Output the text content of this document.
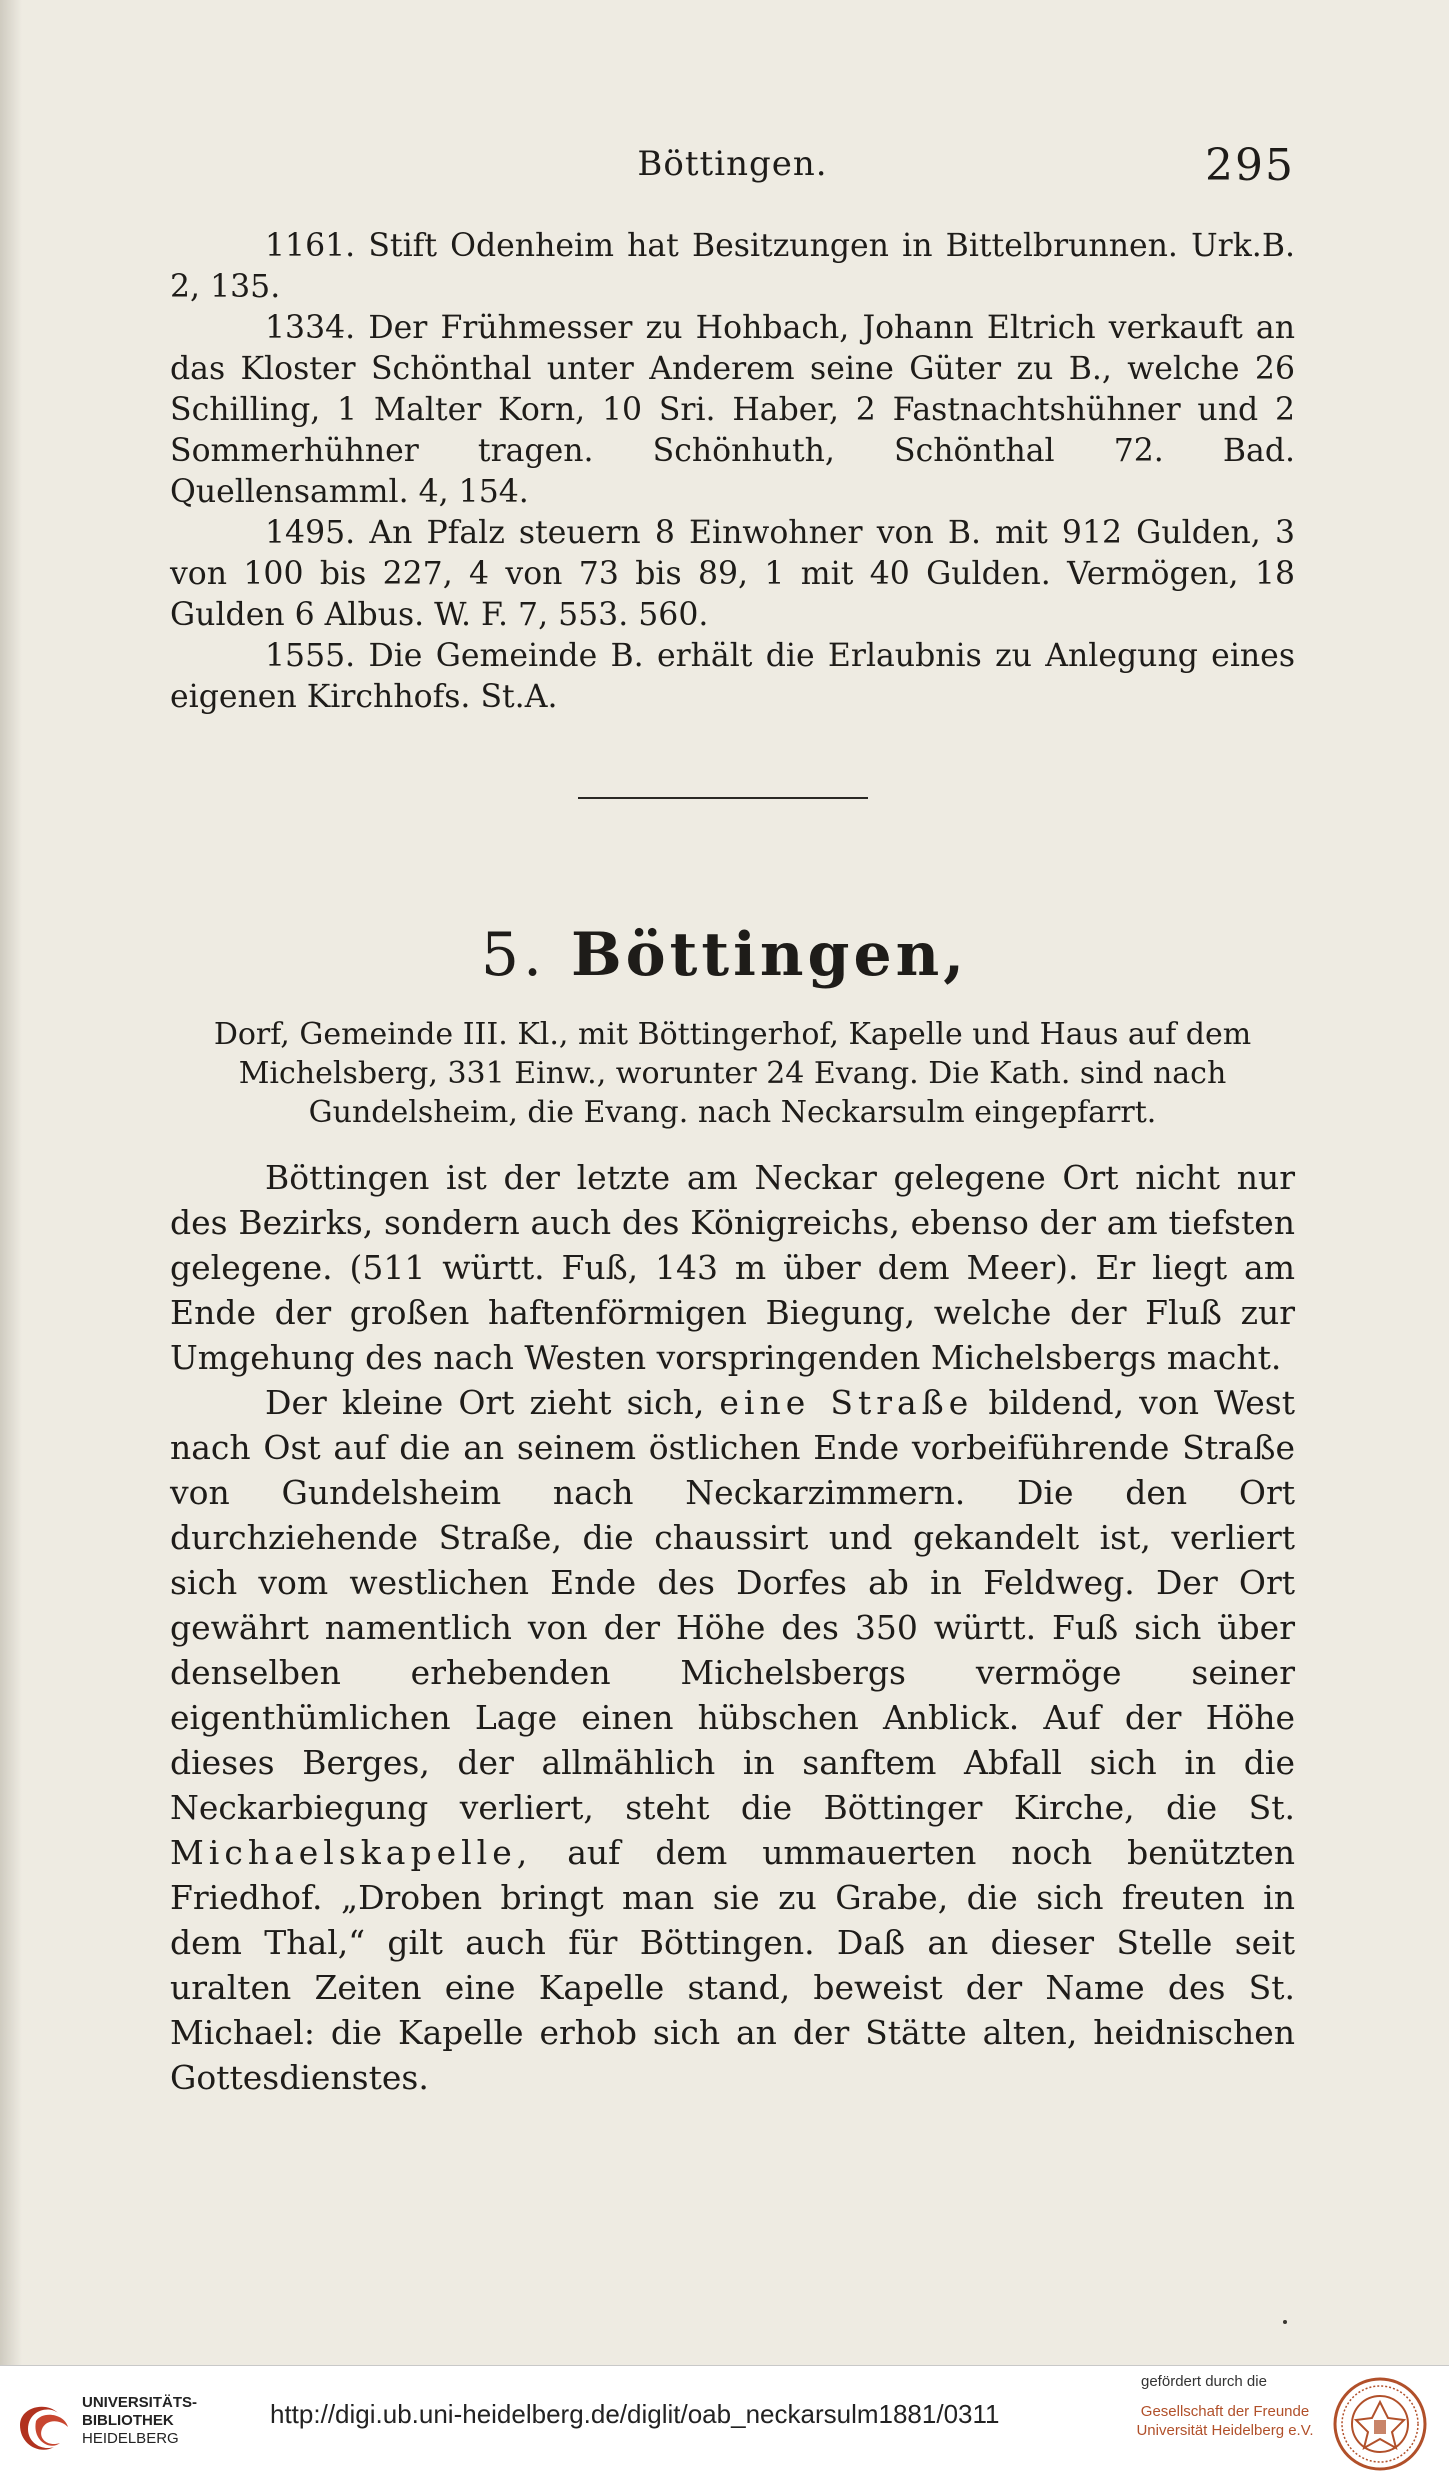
Böttingen.	295

1161. Stift Odenheim hat Besitzungen in Bittelbrunnen. Urk.B. 2, 135.

1334. Der Frühmesser zu Hohbach, Johann Eltrich verkauft an das Kloster Schönthal unter Anderem seine Güter zu B., welche 26 Schilling, 1 Malter Korn, 10 Sri. Haber, 2 Fastnachtshühner und 2 Sommerhühner tragen. Schönhuth, Schönthal 72. Bad. Quellensamml. 4, 154.

1495. An Pfalz steuern 8 Einwohner von B. mit 912 Gulden, 3 von 100 bis 227, 4 von 73 bis 89, 1 mit 40 Gulden. Vermögen, 18 Gulden 6 Albus. W. F. 7, 553. 560.

1555. Die Gemeinde B. erhält die Erlaubnis zu Anlegung eines eigenen Kirchhofs. St.A.

5. Böttingen,
Dorf, Gemeinde III. Kl., mit Böttingerhof, Kapelle und Haus auf dem Michelsberg, 331 Einw., worunter 24 Evang. Die Kath. sind nach Gundelsheim, die Evang. nach Neckarsulm eingepfarrt.

Böttingen ist der letzte am Neckar gelegene Ort nicht nur des Bezirks, sondern auch des Königreichs, ebenso der am tiefsten gelegene. (511 württ. Fuß, 143 m über dem Meer). Er liegt am Ende der großen haftenförmigen Biegung, welche der Fluß zur Umgehung des nach Westen vorspringenden Michelsbergs macht.

Der kleine Ort zieht sich, eine Straße bildend, von West nach Ost auf die an seinem östlichen Ende vorbeiführende Straße von Gundelsheim nach Neckarzimmern. Die den Ort durchziehende Straße, die chaussirt und gekandelt ist, verliert sich vom westlichen Ende des Dorfes ab in Feldweg. Der Ort gewährt namentlich von der Höhe des 350 württ. Fuß sich über denselben erhebenden Michelsbergs vermöge seiner eigenthümlichen Lage einen hübschen Anblick. Auf der Höhe dieses Berges, der allmählich in sanftem Abfall sich in die Neckarbiegung verliert, steht die Böttinger Kirche, die St. Michaelskapelle, auf dem ummauerten noch benützten Friedhof. „Droben bringt man sie zu Grabe, die sich freuten in dem Thal,“ gilt auch für Böttingen. Daß an dieser Stelle seit uralten Zeiten eine Kapelle stand, beweist der Name des St. Michael: die Kapelle erhob sich an der Stätte alten, heidnischen Gottesdienstes.

UNIVERSITÄTS-
BIBLIOTHEK
HEIDELBERG
http://digi.ub.uni-heidelberg.de/diglit/oab_neckarsulm1881/0311
gefördert durch die
Gesellschaft der Freunde
Universität Heidelberg e.V.
